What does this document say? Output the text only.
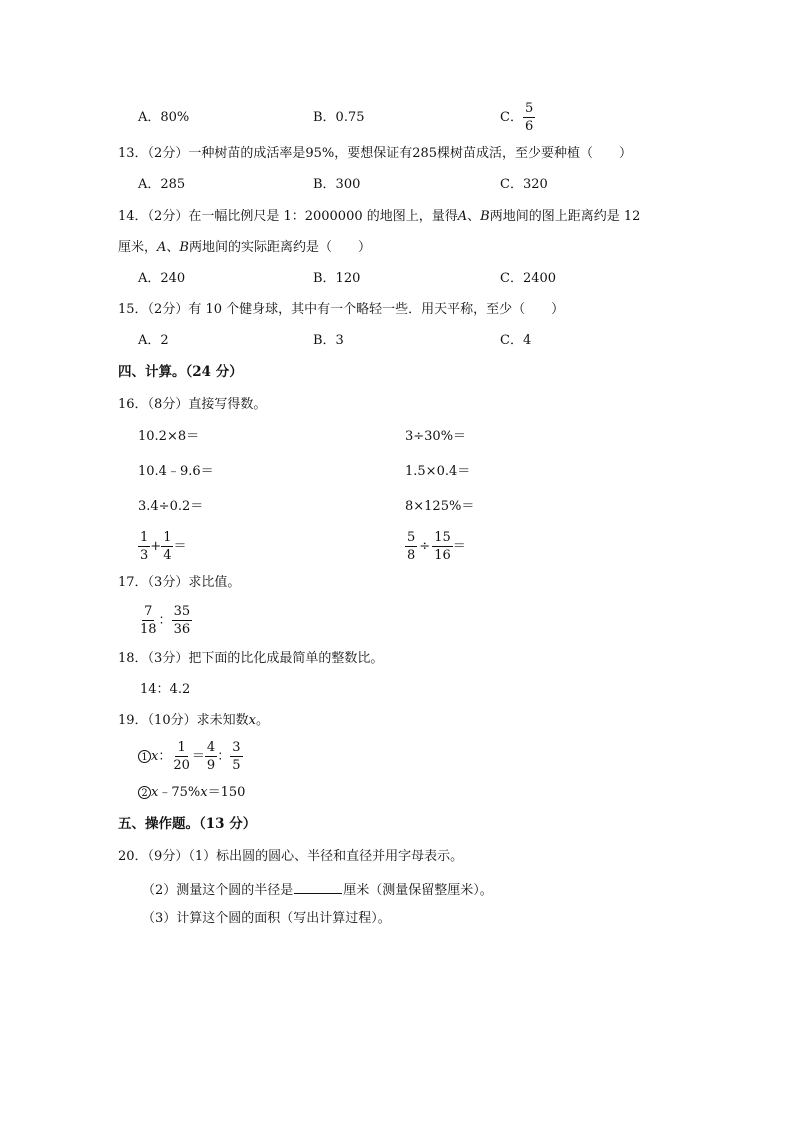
A．80%	B．0.75	C． $\frac{5}{6}$
13．（2分）一种树苗的成活率是95%，要想保证有285棵树苗成活，至少要种植（　　）
A．285	B．300	C．320
14．（2分）在一幅比例尺是 1：2000000 的地图上，量得A、B两地间的图上距离约是 12
厘米，A、B两地间的实际距离约是（　　）
A．240	B．120	C．2400
15．（2分）有 10 个健身球，其中有一个略轻一些．用天平称，至少（　　）
A．2	B．3	C．4
四、计算。（24 分）
16．（8分）直接写得数。
10.2×8＝	3÷30%＝
10.4﹣9.6＝	1.5×0.4＝
3.4÷0.2＝	8×125%＝
$\frac{1}{3} + \frac{1}{4}$ ＝	$\frac{5}{8} \div \frac{15}{16}$ ＝
17．（3分）求比值。
$\frac{7}{18}$ ： $\frac{35}{36}$
18．（3分）把下面的比化成最简单的整数比。
14：4.2
19．（10分）求未知数x。
1 x： $\frac{1}{20} = \frac{4}{9}$ ： $\frac{3}{5}$
2 x﹣75%x＝150
五、操作题。（13 分）
20．（9分）（1）标出圆的圆心、半径和直径并用字母表示。
（2）测量这个圆的半径是	厘米（测量保留整厘米）。
（3）计算这个圆的面积（写出计算过程）。
